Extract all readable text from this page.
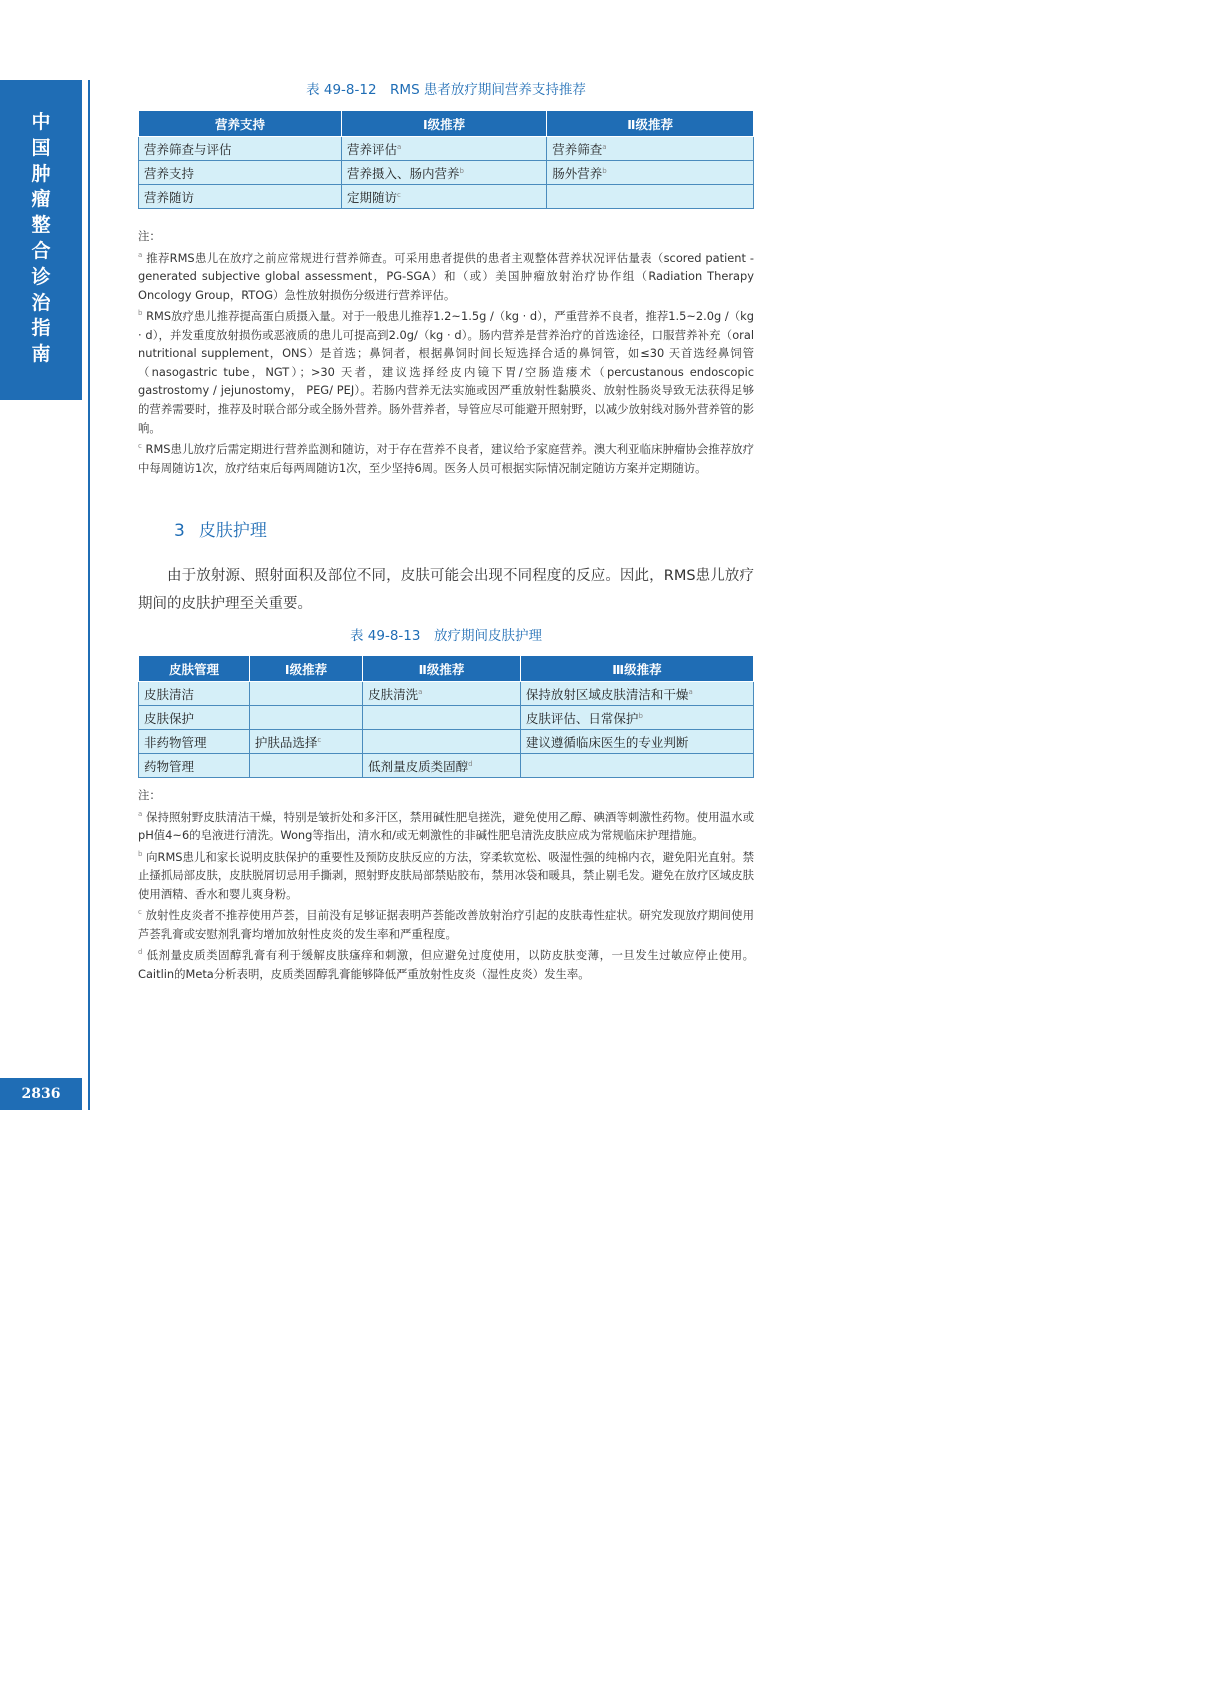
中
国
肿
瘤
整
合
诊
治
指
南
2836
表 49-8-12　RMS 患者放疗期间营养支持推荐
营养支持	Ⅰ级推荐	Ⅱ级推荐
营养筛查与评估	营养评估$^a$	营养筛查$^a$
营养支持	营养摄入、肠内营养$^b$	肠外营养$^b$
营养随访	定期随访$^c$	

注：

$^a$ 推荐RMS患儿在放疗之前应常规进行营养筛查。可采用患者提供的患者主观整体营养状况评估量表（scored patient - generated subjective global assessment，PG-SGA）和（或）美国肿瘤放射治疗协作组（Radiation Therapy Oncology Group，RTOG）急性放射损伤分级进行营养评估。

$^b$ RMS放疗患儿推荐提高蛋白质摄入量。对于一般患儿推荐1.2~1.5g /（kg · d），严重营养不良者，推荐1.5~2.0g /（kg · d），并发重度放射损伤或恶液质的患儿可提高到2.0g/（kg · d）。肠内营养是营养治疗的首选途径，口服营养补充（oral nutritional supplement，ONS）是首选；鼻饲者，根据鼻饲时间长短选择合适的鼻饲管，如≤30 天首选经鼻饲管（nasogastric tube，NGT）；>30 天者，建议选择经皮内镜下胃/空肠造瘘术（percustanous endoscopic gastrostomy / jejunostomy， PEG/ PEJ）。若肠内营养无法实施或因严重放射性黏膜炎、放射性肠炎导致无法获得足够的营养需要时，推荐及时联合部分或全肠外营养。肠外营养者，导管应尽可能避开照射野，以减少放射线对肠外营养管的影响。

$^c$ RMS患儿放疗后需定期进行营养监测和随访，对于存在营养不良者，建议给予家庭营养。澳大利亚临床肿瘤协会推荐放疗中每周随访1次，放疗结束后每两周随访1次，至少坚持6周。医务人员可根据实际情况制定随访方案并定期随访。

3 皮肤护理
由于放射源、照射面积及部位不同，皮肤可能会出现不同程度的反应。因此，RMS患儿放疗期间的皮肤护理至关重要。
表 49-8-13　放疗期间皮肤护理
皮肤管理	Ⅰ级推荐	Ⅱ级推荐	Ⅲ级推荐
皮肤清洁		皮肤清洗$^a$	保持放射区域皮肤清洁和干燥$^a$
皮肤保护			皮肤评估、日常保护$^b$
非药物管理	护肤品选择$^c$		建议遵循临床医生的专业判断
药物管理		低剂量皮质类固醇$^d$	

注：

$^a$ 保持照射野皮肤清洁干燥，特别是皱折处和多汗区，禁用碱性肥皂搓洗，避免使用乙醇、碘酒等刺激性药物。使用温水或pH值4~6的皂液进行清洗。Wong等指出，清水和/或无刺激性的非碱性肥皂清洗皮肤应成为常规临床护理措施。

$^b$ 向RMS患儿和家长说明皮肤保护的重要性及预防皮肤反应的方法，穿柔软宽松、吸湿性强的纯棉内衣，避免阳光直射。禁止搔抓局部皮肤，皮肤脱屑切忌用手撕剥，照射野皮肤局部禁贴胶布，禁用冰袋和暖具，禁止剔毛发。避免在放疗区域皮肤使用酒精、香水和婴儿爽身粉。

$^c$ 放射性皮炎者不推荐使用芦荟，目前没有足够证据表明芦荟能改善放射治疗引起的皮肤毒性症状。研究发现放疗期间使用芦荟乳膏或安慰剂乳膏均增加放射性皮炎的发生率和严重程度。

$^d$ 低剂量皮质类固醇乳膏有利于缓解皮肤瘙痒和刺激，但应避免过度使用，以防皮肤变薄，一旦发生过敏应停止使用。Caitlin的Meta分析表明，皮质类固醇乳膏能够降低严重放射性皮炎（湿性皮炎）发生率。
